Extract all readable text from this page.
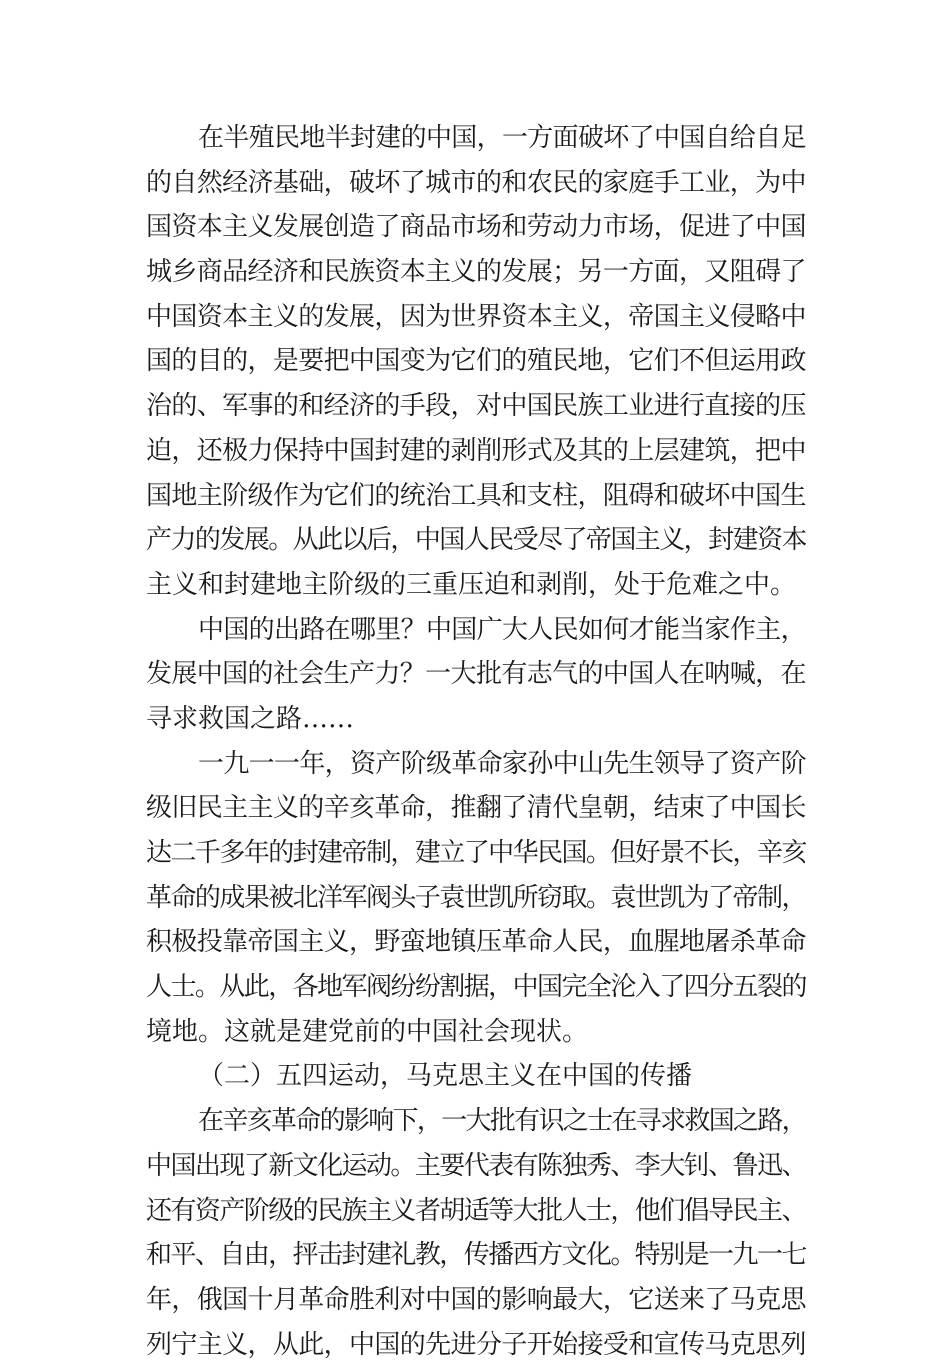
在半殖民地半封建的中国，一方面破坏了中国自给自足
的自然经济基础，破坏了城市的和农民的家庭手工业，为中
国资本主义发展创造了商品市场和劳动力市场，促进了中国
城乡商品经济和民族资本主义的发展；另一方面，又阻碍了
中国资本主义的发展，因为世界资本主义，帝国主义侵略中
国的目的，是要把中国变为它们的殖民地，它们不但运用政
治的、军事的和经济的手段，对中国民族工业进行直接的压
迫，还极力保持中国封建的剥削形式及其的上层建筑，把中
国地主阶级作为它们的统治工具和支柱，阻碍和破坏中国生
产力的发展。从此以后，中国人民受尽了帝国主义，封建资本
主义和封建地主阶级的三重压迫和剥削，处于危难之中。
中国的出路在哪里？中国广大人民如何才能当家作主，
发展中国的社会生产力？一大批有志气的中国人在呐喊，在
寻求救国之路……
一九一一年，资产阶级革命家孙中山先生领导了资产阶
级旧民主主义的辛亥革命，推翻了清代皇朝，结束了中国长
达二千多年的封建帝制，建立了中华民国。但好景不长，辛亥
革命的成果被北洋军阀头子袁世凯所窃取。袁世凯为了帝制，
积极投靠帝国主义，野蛮地镇压革命人民，血腥地屠杀革命
人士。从此，各地军阀纷纷割据，中国完全沦入了四分五裂的
境地。这就是建党前的中国社会现状。
（二）五四运动，马克思主义在中国的传播
在辛亥革命的影响下，一大批有识之士在寻求救国之路，
中国出现了新文化运动。主要代表有陈独秀、李大钊、鲁迅、
还有资产阶级的民族主义者胡适等大批人士，他们倡导民主、
和平、自由，抨击封建礼教，传播西方文化。特别是一九一七
年，俄国十月革命胜利对中国的影响最大，它送来了马克思
列宁主义，从此，中国的先进分子开始接受和宣传马克思列
